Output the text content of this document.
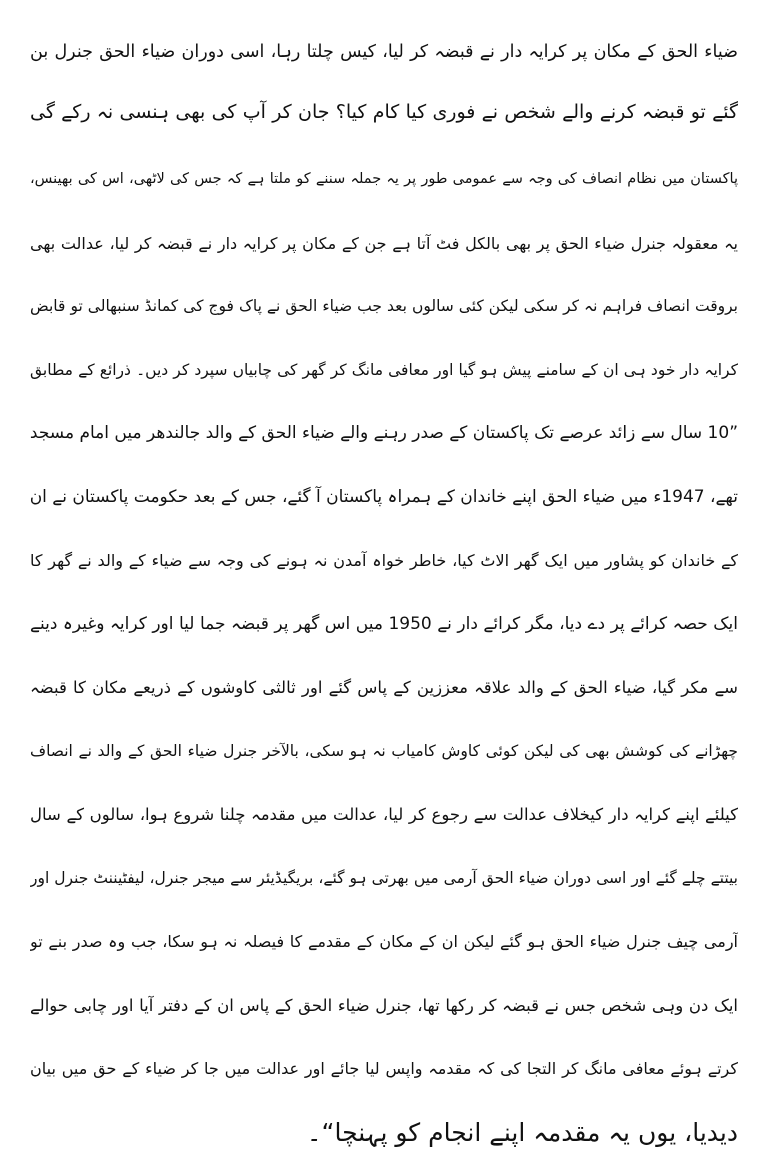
ضیاء الحق کے مکان پر کرایہ دار نے قبضہ کر لیا، کیس چلتا رہا، اسی دوران ضیاء الحق جنرل بن
گئے تو قبضہ کرنے والے شخص نے فوری کیا کام کیا؟ جان کر آپ کی بھی ہنسی نہ رکے گی
پاکستان میں نظام انصاف کی وجہ سے عمومی طور پر یہ جملہ سننے کو ملتا ہے کہ جس کی لاٹھی، اس کی بھینس،
یہ معقولہ جنرل ضیاء الحق پر بھی بالکل فٹ آتا ہے جن کے مکان پر کرایہ دار نے قبضہ کر لیا، عدالت بھی
بروقت انصاف فراہم نہ کر سکی لیکن کئی سالوں بعد جب ضیاء الحق نے پاک فوج کی کمانڈ سنبھالی تو قابض
کرایہ دار خود ہی ان کے سامنے پیش ہو گیا اور معافی مانگ کر گھر کی چابیاں سپرد کر دیں۔ ذرائع کے مطابق
”10 سال سے زائد عرصے تک پاکستان کے صدر رہنے والے ضیاء الحق کے والد جالندھر میں امام مسجد
تھے، 1947ء میں ضیاء الحق اپنے خاندان کے ہمراہ پاکستان آ گئے، جس کے بعد حکومت پاکستان نے ان
کے خاندان کو پشاور میں ایک گھر الاٹ کیا، خاطر خواہ آمدن نہ ہونے کی وجہ سے ضیاء کے والد نے گھر کا
ایک حصہ کرائے پر دے دیا، مگر کرائے دار نے 1950 میں اس گھر پر قبضہ جما لیا اور کرایہ وغیرہ دینے
سے مکر گیا، ضیاء الحق کے والد علاقہ معززین کے پاس گئے اور ثالثی کاوشوں کے ذریعے مکان کا قبضہ
چھڑانے کی کوشش بھی کی لیکن کوئی کاوش کامیاب نہ ہو سکی، بالآخر جنرل ضیاء الحق کے والد نے انصاف
کیلئے اپنے کرایہ دار کیخلاف عدالت سے رجوع کر لیا، عدالت میں مقدمہ چلنا شروع ہوا، سالوں کے سال
بیتتے چلے گئے اور اسی دوران ضیاء الحق آرمی میں بھرتی ہو گئے، بریگیڈیئر سے میجر جنرل، لیفٹیننٹ جنرل اور
آرمی چیف جنرل ضیاء الحق ہو گئے لیکن ان کے مکان کے مقدمے کا فیصلہ نہ ہو سکا، جب وہ صدر بنے تو
ایک دن وہی شخص جس نے قبضہ کر رکھا تھا، جنرل ضیاء الحق کے پاس ان کے دفتر آیا اور چابی حوالے
کرتے ہوئے معافی مانگ کر التجا کی کہ مقدمہ واپس لیا جائے اور عدالت میں جا کر ضیاء کے حق میں بیان
دیدیا، یوں یہ مقدمہ اپنے انجام کو پہنچا“۔
